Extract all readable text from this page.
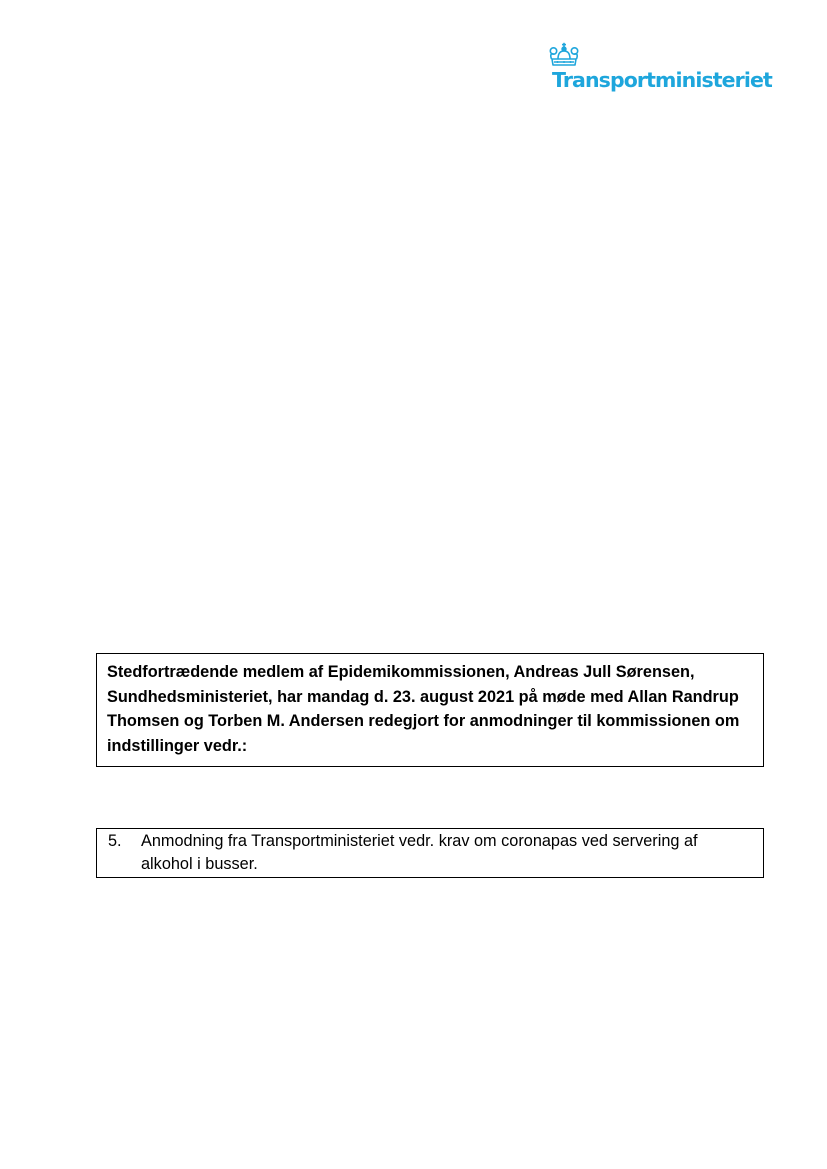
Transportministeriet

Stedfortrædende medlem af Epidemikommissionen, Andreas Jull Sørensen, Sundhedsministeriet, har mandag d. 23. august 2021 på møde med Allan Randrup Thomsen og Torben M. Andersen redegjort for anmodninger til kommissionen om indstillinger vedr.:

5. Anmodning fra Transportministeriet vedr. krav om coronapas ved servering af alkohol i busser.
